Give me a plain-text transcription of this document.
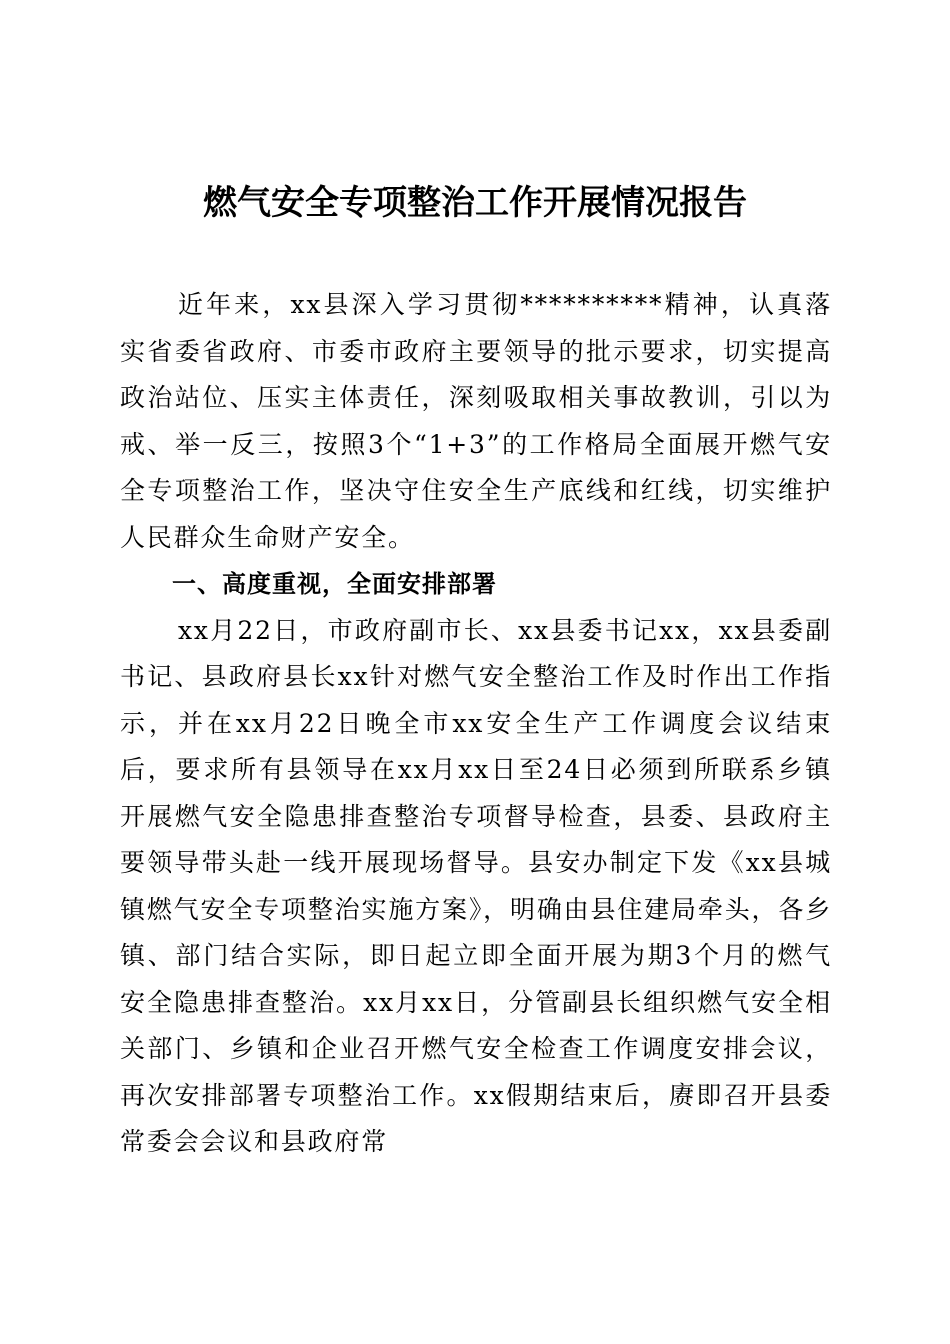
燃气安全专项整治工作开展情况报告

近年来，xx县深入学习贯彻**********精神，认真落实省委省政府、市委市政府主要领导的批示要求，切实提高政治站位、压实主体责任，深刻吸取相关事故教训，引以为戒、举一反三，按照3个“1+3”的工作格局全面展开燃气安全专项整治工作，坚决守住安全生产底线和红线，切实维护人民群众生命财产安全。

一、高度重视，全面安排部署

xx月22日，市政府副市长、xx县委书记xx，xx县委副书记、县政府县长xx针对燃气安全整治工作及时作出工作指示，并在xx月22日晚全市xx安全生产工作调度会议结束后，要求所有县领导在xx月xx日至24日必须到所联系乡镇开展燃气安全隐患排查整治专项督导检查，县委、县政府主要领导带头赴一线开展现场督导。县安办制定下发《xx县城镇燃气安全专项整治实施方案》，明确由县住建局牵头，各乡镇、部门结合实际，即日起立即全面开展为期3个月的燃气安全隐患排查整治。xx月xx日，分管副县长组织燃气安全相关部门、乡镇和企业召开燃气安全检查工作调度安排会议，再次安排部署专项整治工作。xx假期结束后，赓即召开县委常委会会议和县政府常
